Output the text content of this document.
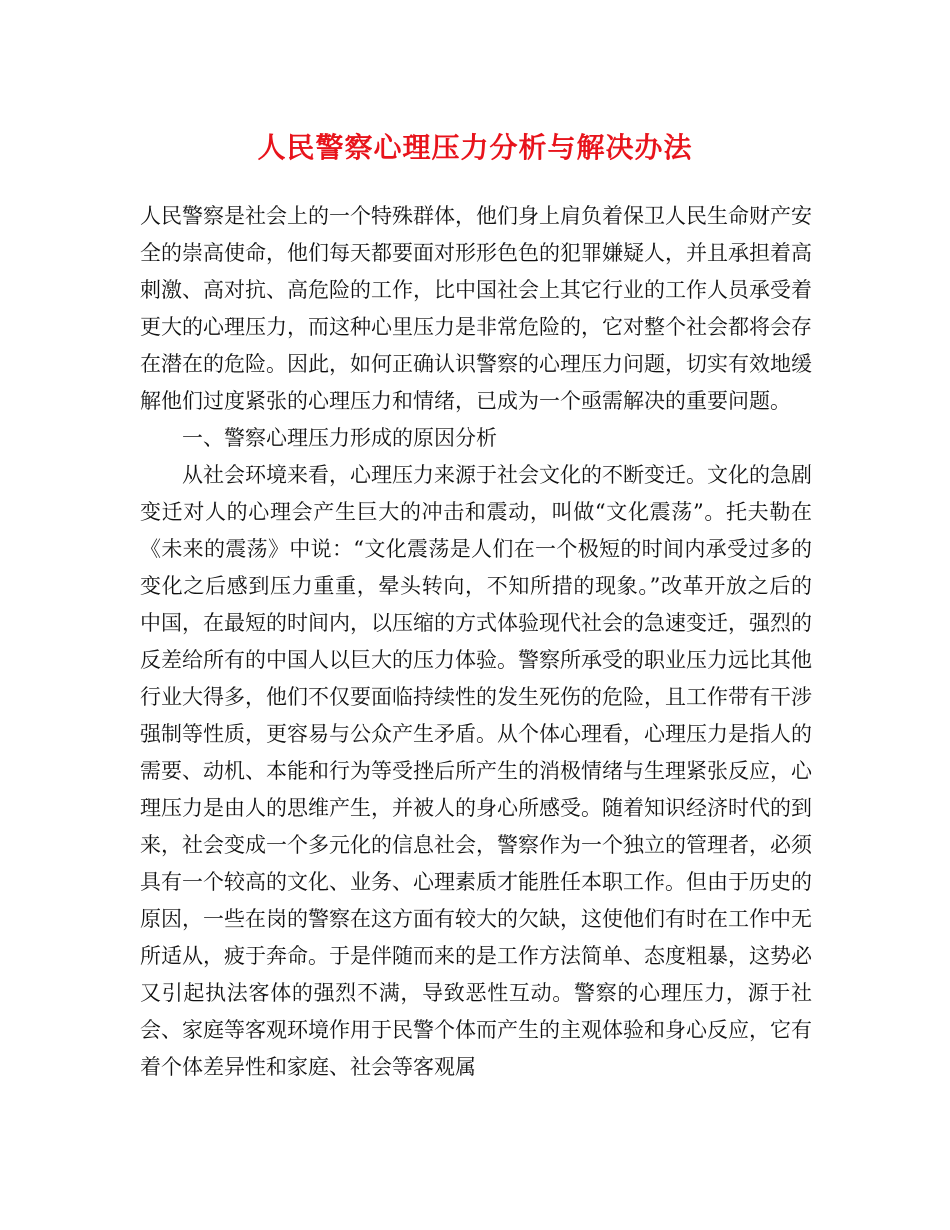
人民警察心理压力分析与解决办法

人民警察是社会上的一个特殊群体，他们身上肩负着保卫人民生命财产安全的崇高使命，他们每天都要面对形形色色的犯罪嫌疑人，并且承担着高刺激、高对抗、高危险的工作，比中国社会上其它行业的工作人员承受着更大的心理压力，而这种心里压力是非常危险的，它对整个社会都将会存在潜在的危险。因此，如何正确认识警察的心理压力问题，切实有效地缓解他们过度紧张的心理压力和情绪，已成为一个亟需解决的重要问题。

一、警察心理压力形成的原因分析

从社会环境来看，心理压力来源于社会文化的不断变迁。文化的急剧变迁对人的心理会产生巨大的冲击和震动，叫做“文化震荡”。托夫勒在《未来的震荡》中说：“文化震荡是人们在一个极短的时间内承受过多的变化之后感到压力重重，晕头转向，不知所措的现象。”改革开放之后的中国，在最短的时间内，以压缩的方式体验现代社会的急速变迁，强烈的反差给所有的中国人以巨大的压力体验。警察所承受的职业压力远比其他行业大得多，他们不仅要面临持续性的发生死伤的危险，且工作带有干涉强制等性质，更容易与公众产生矛盾。从个体心理看，心理压力是指人的需要、动机、本能和行为等受挫后所产生的消极情绪与生理紧张反应，心理压力是由人的思维产生，并被人的身心所感受。随着知识经济时代的到来，社会变成一个多元化的信息社会，警察作为一个独立的管理者，必须具有一个较高的文化、业务、心理素质才能胜任本职工作。但由于历史的原因，一些在岗的警察在这方面有较大的欠缺，这使他们有时在工作中无所适从，疲于奔命。于是伴随而来的是工作方法简单、态度粗暴，这势必又引起执法客体的强烈不满，导致恶性互动。警察的心理压力，源于社会、家庭等客观环境作用于民警个体而产生的主观体验和身心反应，它有着个体差异性和家庭、社会等客观属
